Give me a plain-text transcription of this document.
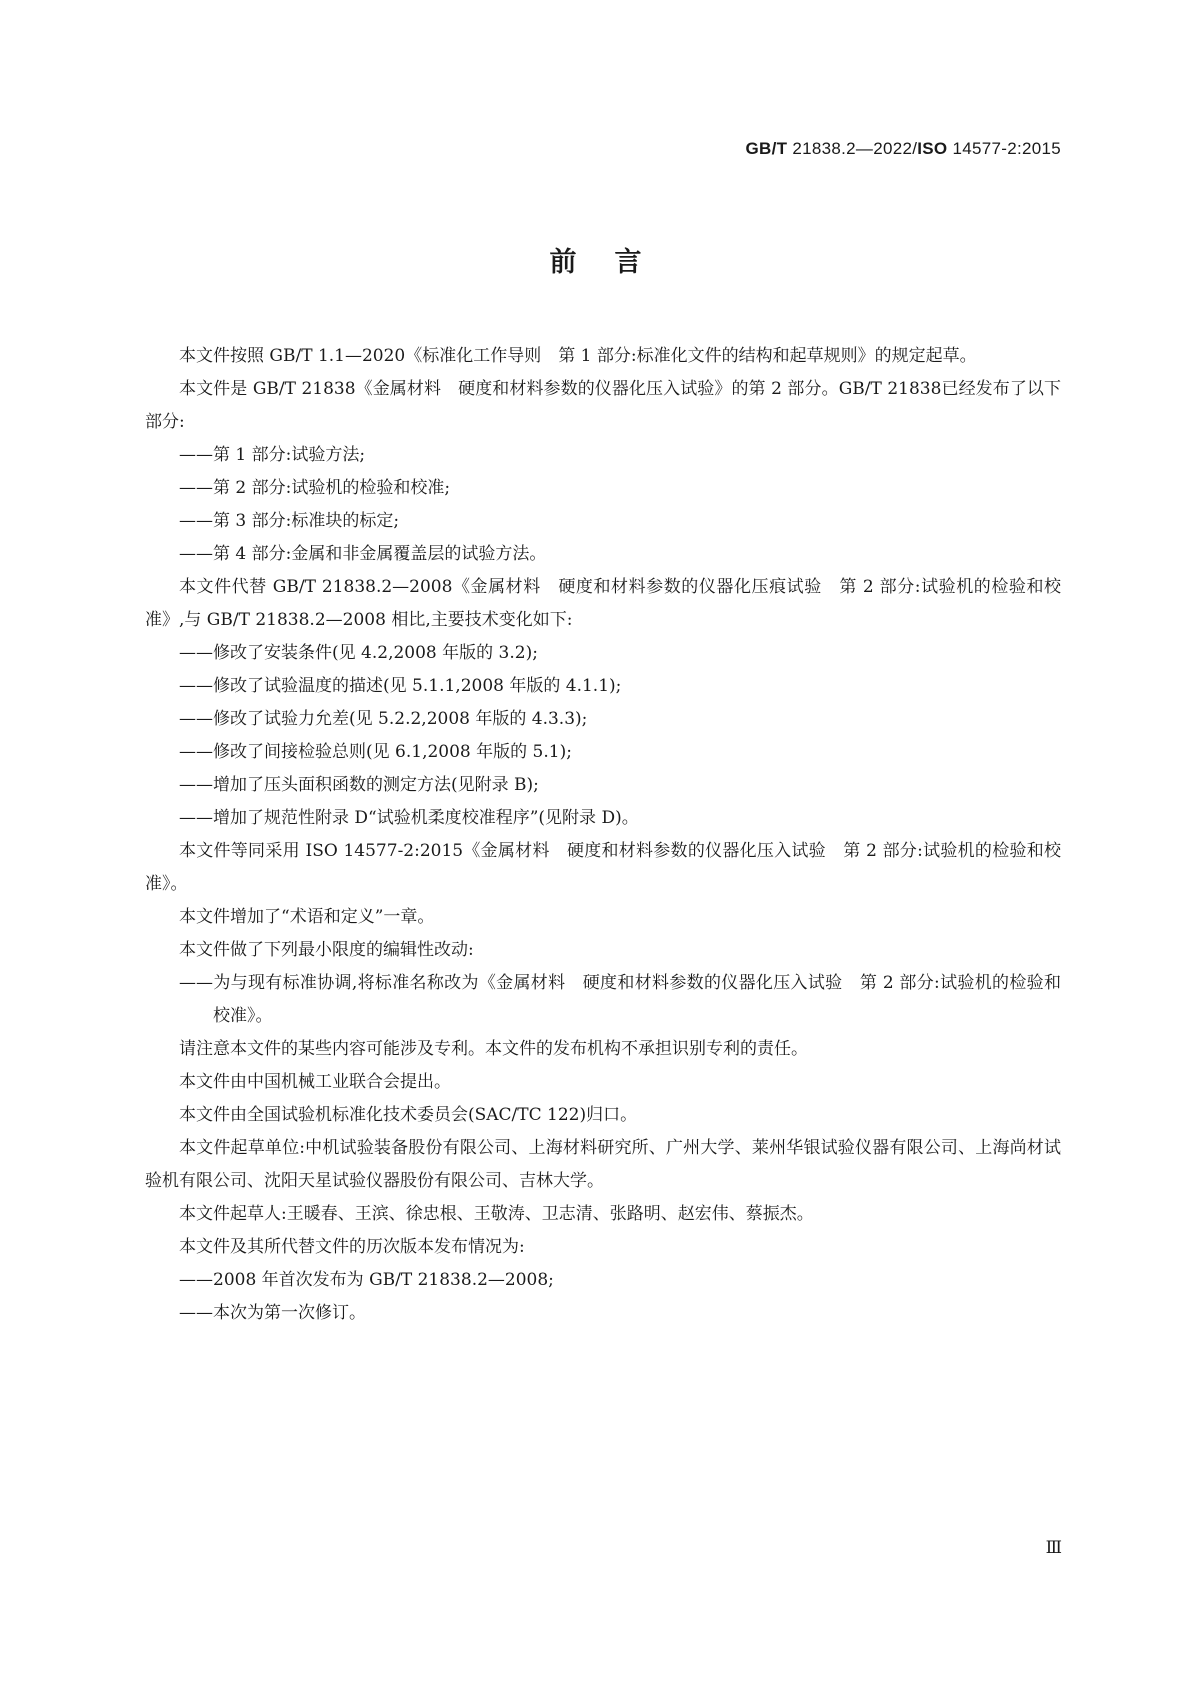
GB/T 21838.2—2022/ISO 14577-2:2015
前言

本文件按照 GB/T 1.1—2020《标准化工作导则　第 1 部分:标准化文件的结构和起草规则》的规定起草。

本文件是 GB/T 21838《金属材料　硬度和材料参数的仪器化压入试验》的第 2 部分。GB/T 21838已经发布了以下部分:

——第 1 部分:试验方法;

——第 2 部分:试验机的检验和校准;

——第 3 部分:标准块的标定;

——第 4 部分:金属和非金属覆盖层的试验方法。

本文件代替 GB/T 21838.2—2008《金属材料　硬度和材料参数的仪器化压痕试验　第 2 部分:试验机的检验和校准》,与 GB/T 21838.2—2008 相比,主要技术变化如下:

——修改了安装条件(见 4.2,2008 年版的 3.2);

——修改了试验温度的描述(见 5.1.1,2008 年版的 4.1.1);

——修改了试验力允差(见 5.2.2,2008 年版的 4.3.3);

——修改了间接检验总则(见 6.1,2008 年版的 5.1);

——增加了压头面积函数的测定方法(见附录 B);

——增加了规范性附录 D“试验机柔度校准程序”(见附录 D)。

本文件等同采用 ISO 14577-2:2015《金属材料　硬度和材料参数的仪器化压入试验　第 2 部分:试验机的检验和校准》。

本文件增加了“术语和定义”一章。

本文件做了下列最小限度的编辑性改动:

——为与现有标准协调,将标准名称改为《金属材料　硬度和材料参数的仪器化压入试验　第 2 部分:试验机的检验和校准》。

请注意本文件的某些内容可能涉及专利。本文件的发布机构不承担识别专利的责任。

本文件由中国机械工业联合会提出。

本文件由全国试验机标准化技术委员会(SAC/TC 122)归口。

本文件起草单位:中机试验装备股份有限公司、上海材料研究所、广州大学、莱州华银试验仪器有限公司、上海尚材试验机有限公司、沈阳天星试验仪器股份有限公司、吉林大学。

本文件起草人:王暖春、王滨、徐忠根、王敬涛、卫志清、张路明、赵宏伟、蔡振杰。

本文件及其所代替文件的历次版本发布情况为:

——2008 年首次发布为 GB/T 21838.2—2008;

——本次为第一次修订。

Ⅲ
